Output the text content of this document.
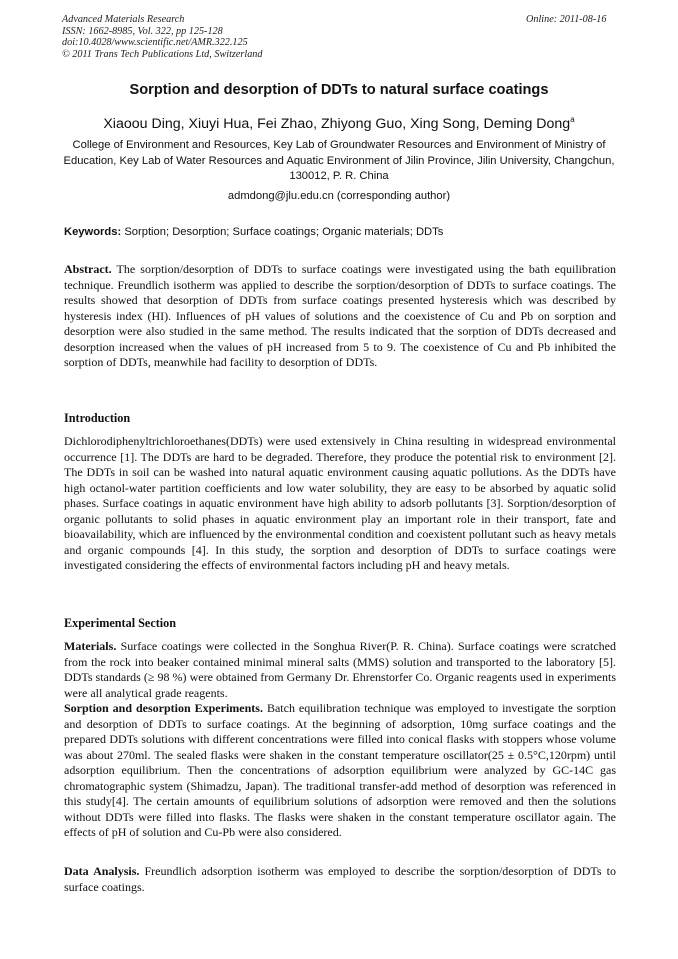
Advanced Materials Research
ISSN: 1662-8985, Vol. 322, pp 125-128
doi:10.4028/www.scientific.net/AMR.322.125
© 2011 Trans Tech Publications Ltd, Switzerland
Online: 2011-08-16
Sorption and desorption of DDTs to natural surface coatings
Xiaoou Ding, Xiuyi Hua, Fei Zhao, Zhiyong Guo, Xing Song, Deming Dong$^a$
College of Environment and Resources, Key Lab of Groundwater Resources and Environment of Ministry of Education, Key Lab of Water Resources and Aquatic Environment of Jilin Province, Jilin University, Changchun, 130012, P. R. China
admdong@jlu.edu.cn (corresponding author)
Keywords: Sorption; Desorption; Surface coatings; Organic materials; DDTs
Abstract. The sorption/desorption of DDTs to surface coatings were investigated using the bath equilibration technique. Freundlich isotherm was applied to describe the sorption/desorption of DDTs to surface coatings. The results showed that desorption of DDTs from surface coatings presented hysteresis which was described by hysteresis index (HI). Influences of pH values of solutions and the coexistence of Cu and Pb on sorption and desorption were also studied in the same method. The results indicated that the sorption of DDTs decreased and desorption increased when the values of pH increased from 5 to 9. The coexistence of Cu and Pb inhibited the sorption of DDTs, meanwhile had facility to desorption of DDTs.
Introduction
Dichlorodiphenyltrichloroethanes(DDTs) were used extensively in China resulting in widespread environmental occurrence [1]. The DDTs are hard to be degraded. Therefore, they produce the potential risk to environment [2]. The DDTs in soil can be washed into natural aquatic environment causing aquatic pollutions. As the DDTs have high octanol-water partition coefficients and low water solubility, they are easy to be absorbed by aquatic solid phases. Surface coatings in aquatic environment have high ability to adsorb pollutants [3]. Sorption/desorption of organic pollutants to solid phases in aquatic environment play an important role in their transport, fate and bioavailability, which are influenced by the environmental condition and coexistent pollutant such as heavy metals and organic compounds [4]. In this study, the sorption and desorption of DDTs to surface coatings were investigated considering the effects of environmental factors including pH and heavy metals.
Experimental Section
Materials. Surface coatings were collected in the Songhua River(P. R. China). Surface coatings were scratched from the rock into beaker contained minimal mineral salts (MMS) solution and transported to the laboratory [5]. DDTs standards (≥ 98 %) were obtained from Germany Dr. Ehrenstorfer Co. Organic reagents used in experiments were all analytical grade reagents.
Sorption and desorption Experiments. Batch equilibration technique was employed to investigate the sorption and desorption of DDTs to surface coatings. At the beginning of adsorption, 10mg surface coatings and the prepared DDTs solutions with different concentrations were filled into conical flasks with stoppers whose volume was about 270ml. The sealed flasks were shaken in the constant temperature oscillator(25 ± 0.5°C,120rpm) until adsorption equilibrium. Then the concentrations of adsorption equilibrium were analyzed by GC-14C gas chromatographic system (Shimadzu, Japan). The traditional transfer-add method of desorption was referenced in this study[4]. The certain amounts of equilibrium solutions of adsorption were removed and then the solutions without DDTs were filled into flasks. The flasks were shaken in the constant temperature oscillator again. The effects of pH of solution and Cu-Pb were also considered.
Data Analysis. Freundlich adsorption isotherm was employed to describe the sorption/desorption of DDTs to surface coatings.
